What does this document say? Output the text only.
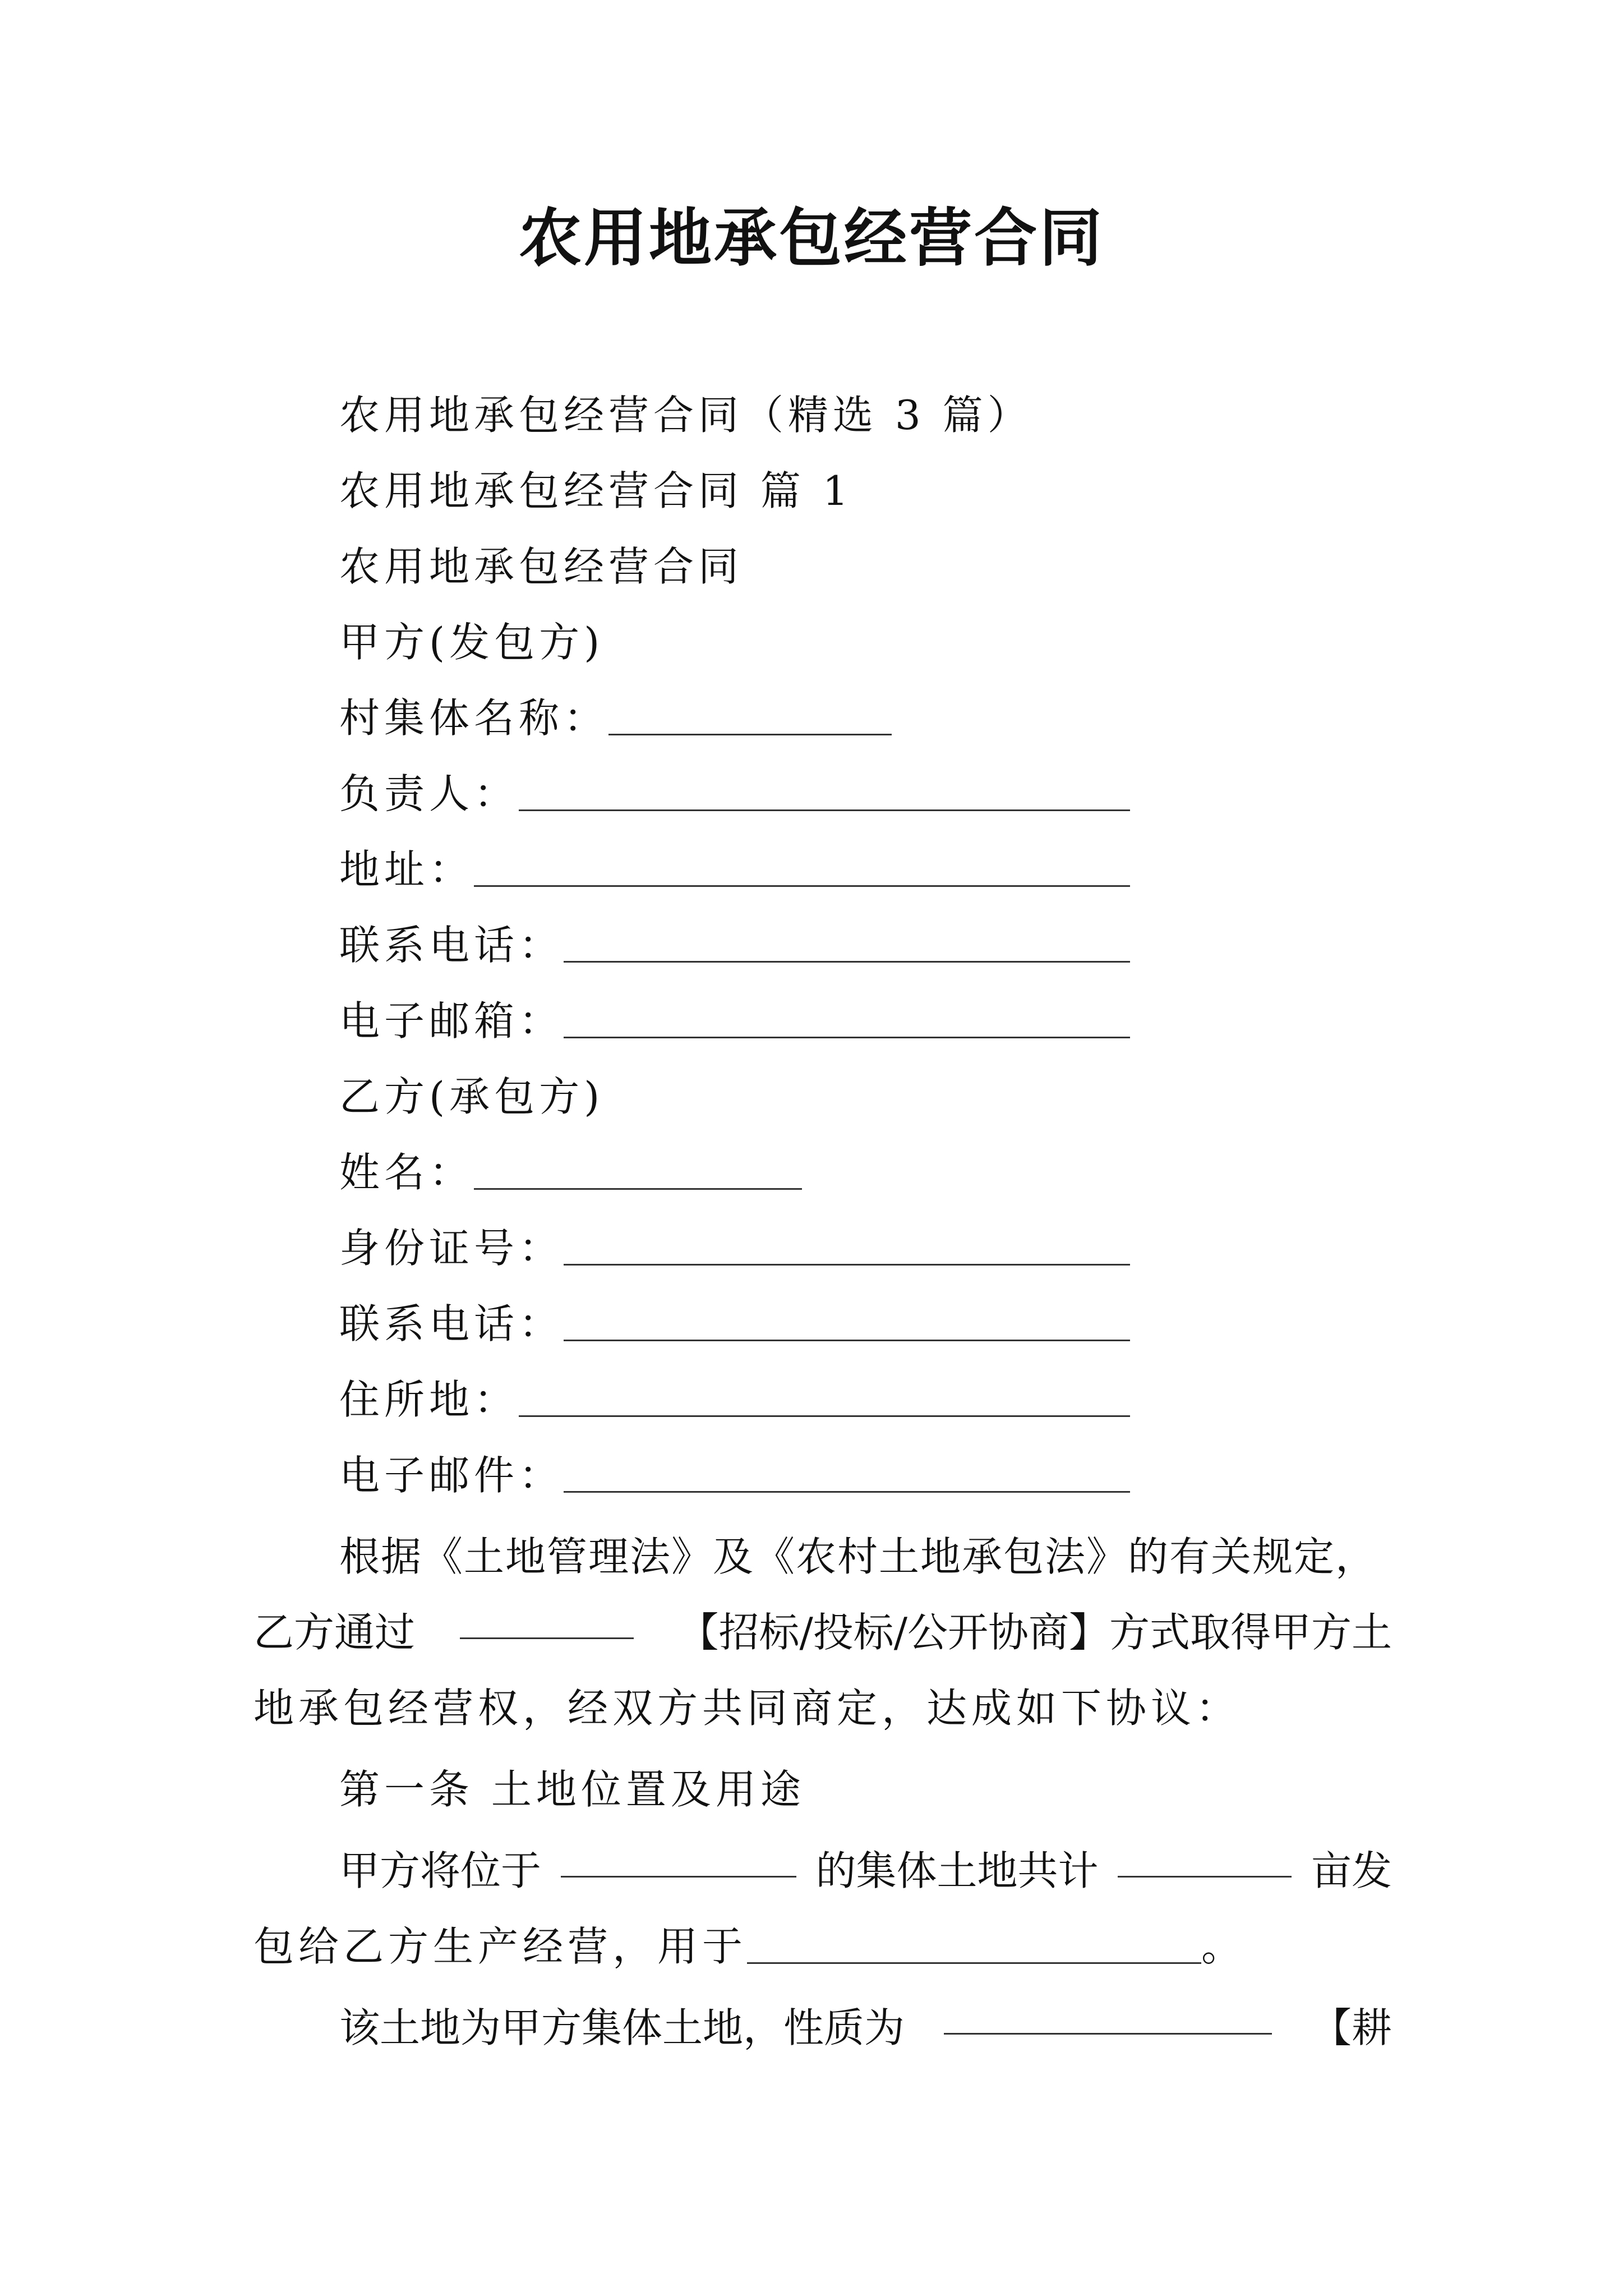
农用地承包经营合同
农用地承包经营合同（精选 3 篇）
农用地承包经营合同 篇 1
农用地承包经营合同
甲方(发包方)
村集体名称：
负责人：
地址：
联系电话：
电子邮箱：
乙方(承包方)
姓名：
身份证号：
联系电话：
住所地：
电子邮件：
根据《土地管理法》及《农村土地承包法》的有关规定，
乙方通过	【招标/投标/公开协商】方式取得甲方土
地承包经营权，经双方共同商定，达成如下协议：
第一条 土地位置及用途
甲方将位于	的集体土地共计	亩发
包给乙方生产经营，用于	。
该土地为甲方集体土地，性质为	【耕
